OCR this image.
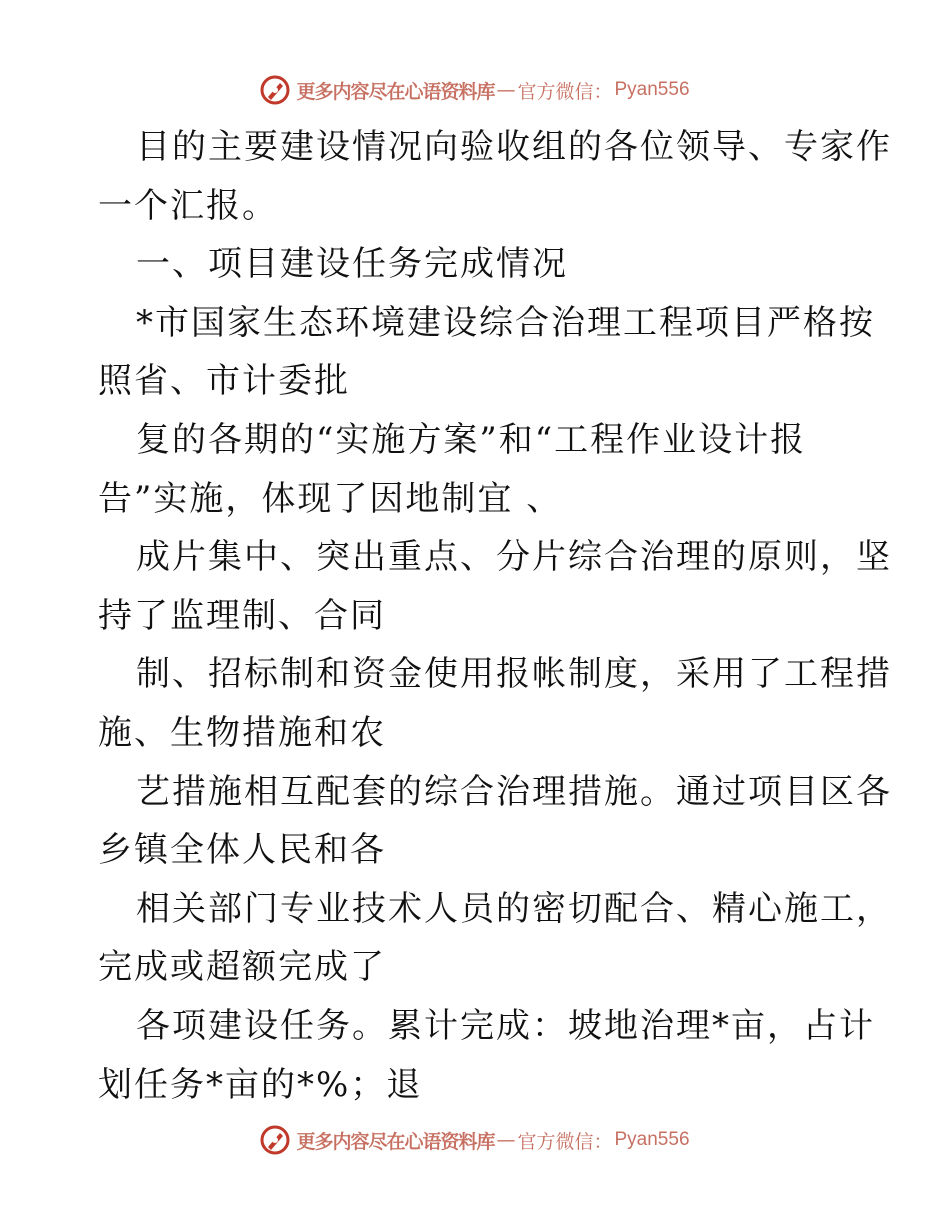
更多内容尽在心语资料库 — 官方微信： Pyan556
目的主要建设情况向验收组的各位领导、专家作
一个汇报。
一、项目建设任务完成情况
*市国家生态环境建设综合治理工程项目严格按
照省、市计委批
复的各期的“实施方案”和“工程作业设计报
告”实施，体现了因地制宜 、
成片集中、突出重点、分片综合治理的原则，坚
持了监理制、合同
制、招标制和资金使用报帐制度，采用了工程措
施、生物措施和农
艺措施相互配套的综合治理措施。通过项目区各
乡镇全体人民和各
相关部门专业技术人员的密切配合、精心施工，
完成或超额完成了
各项建设任务。累计完成：坡地治理*亩，占计
划任务*亩的*%；退
更多内容尽在心语资料库 — 官方微信： Pyan556
